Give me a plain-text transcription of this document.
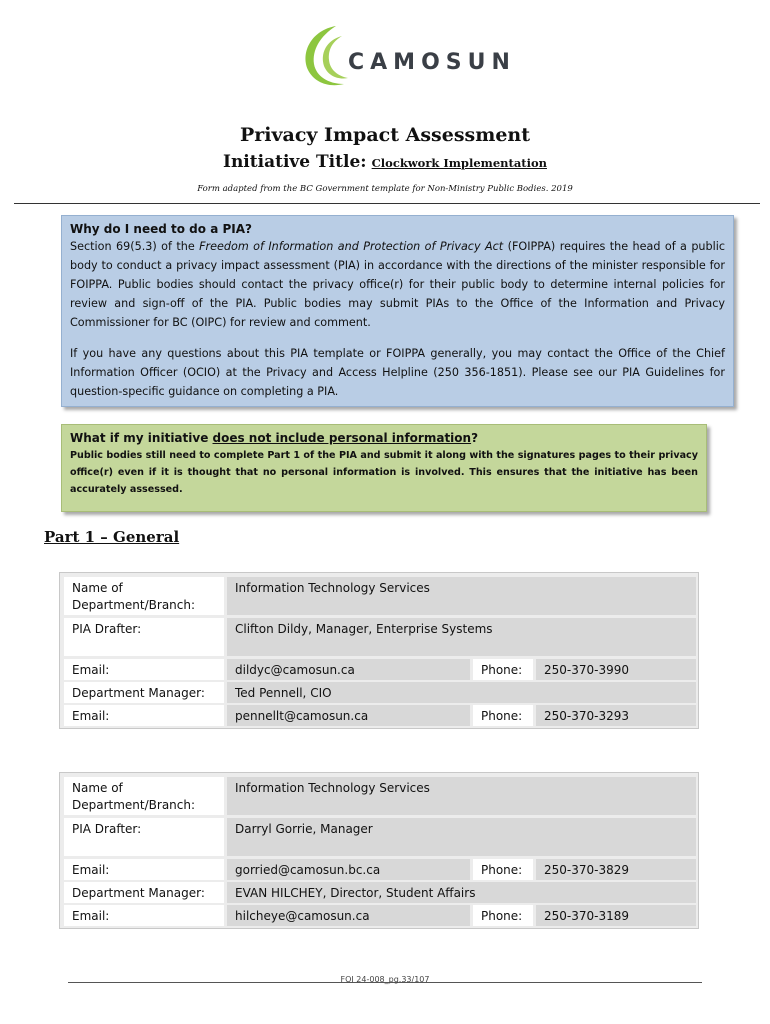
CAMOSUN
Privacy Impact Assessment
Initiative Title: Clockwork Implementation
Form adapted from the BC Government template for Non-Ministry Public Bodies. 2019
Why do I need to do a PIA?

Section 69(5.3) of the Freedom of Information and Protection of Privacy Act (FOIPPA) requires the head of a public body to conduct a privacy impact assessment (PIA) in accordance with the directions of the minister responsible for FOIPPA. Public bodies should contact the privacy office(r) for their public body to determine internal policies for review and sign-off of the PIA. Public bodies may submit PIAs to the Office of the Information and Privacy Commissioner for BC (OIPC) for review and comment.

If you have any questions about this PIA template or FOIPPA generally, you may contact the Office of the Chief Information Officer (OCIO) at the Privacy and Access Helpline (250 356-1851). Please see our PIA Guidelines for question-specific guidance on completing a PIA.

What if my initiative does not include personal information?

Public bodies still need to complete Part 1 of the PIA and submit it along with the signatures pages to their privacy office(r) even if it is thought that no personal information is involved. This ensures that the initiative has been accurately assessed.

Part 1 – General
Name of Department/Branch:
Information Technology Services
PIA Drafter:	Clifton Dildy, Manager, Enterprise Systems
Email:	dildyc@camosun.ca	Phone:	250-370-3990
Department Manager:	Ted Pennell, CIO
Email:	pennellt@camosun.ca	Phone:	250-370-3293
Name of Department/Branch:
Information Technology Services
PIA Drafter:	Darryl Gorrie, Manager
Email:	gorried@camosun.bc.ca	Phone:	250-370-3829
Department Manager:	EVAN HILCHEY, Director, Student Affairs
Email:	hilcheye@camosun.ca	Phone:	250-370-3189
FOI 24-008_pg.33/107
